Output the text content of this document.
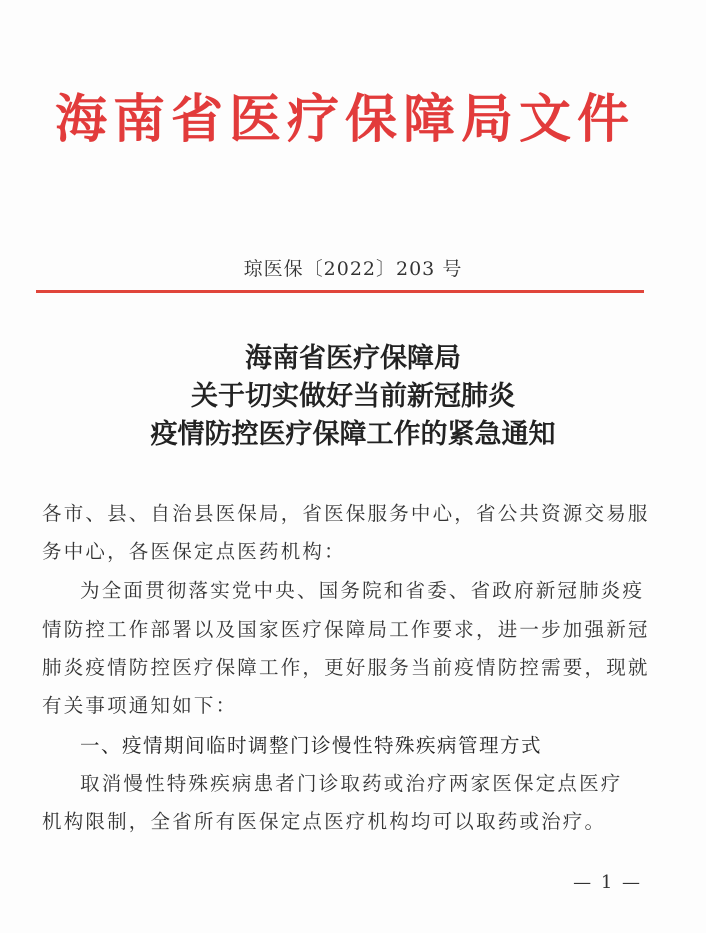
海南省医疗保障局文件
琼医保〔2022〕203 号
海南省医疗保障局
关于切实做好当前新冠肺炎
疫情防控医疗保障工作的紧急通知
各市、县、自治县医保局，省医保服务中心，省公共资源交易服
务中心，各医保定点医药机构：
为全面贯彻落实党中央、国务院和省委、省政府新冠肺炎疫
情防控工作部署以及国家医疗保障局工作要求，进一步加强新冠
肺炎疫情防控医疗保障工作，更好服务当前疫情防控需要，现就
有关事项通知如下：
一、疫情期间临时调整门诊慢性特殊疾病管理方式
取消慢性特殊疾病患者门诊取药或治疗两家医保定点医疗
机构限制，全省所有医保定点医疗机构均可以取药或治疗。
— 1 —
